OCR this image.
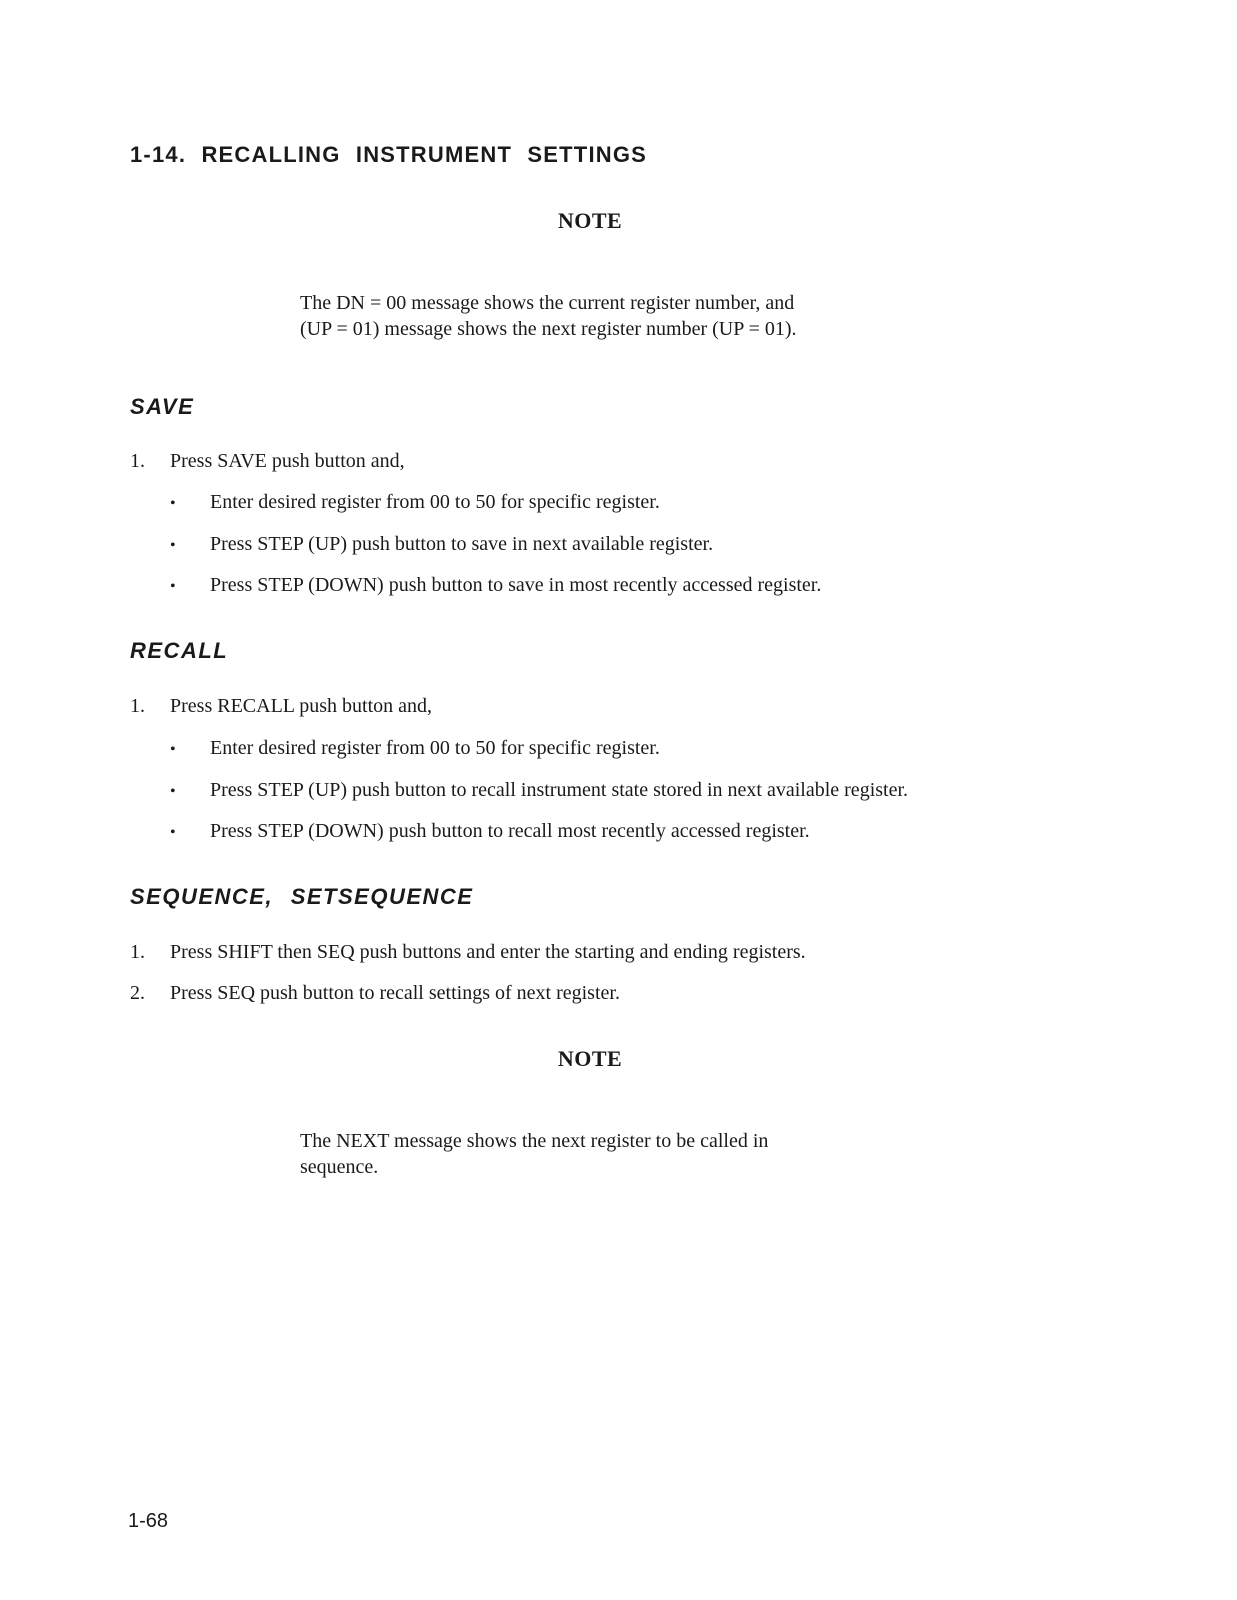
1-14. RECALLING INSTRUMENT SETTINGS
NOTE
The DN = 00 message shows the current register number, and
(UP = 01) message shows the next register number (UP = 01).
SAVE
1. Press SAVE push button and,
• Enter desired register from 00 to 50 for specific register.
• Press STEP (UP) push button to save in next available register.
• Press STEP (DOWN) push button to save in most recently accessed register.
RECALL
1. Press RECALL push button and,
• Enter desired register from 00 to 50 for specific register.
• Press STEP (UP) push button to recall instrument state stored in next available register.
• Press STEP (DOWN) push button to recall most recently accessed register.
SEQUENCE, SETSEQUENCE
1. Press SHIFT then SEQ push buttons and enter the starting and ending registers.
2. Press SEQ push button to recall settings of next register.
NOTE
The NEXT message shows the next register to be called in
sequence.
1-68
